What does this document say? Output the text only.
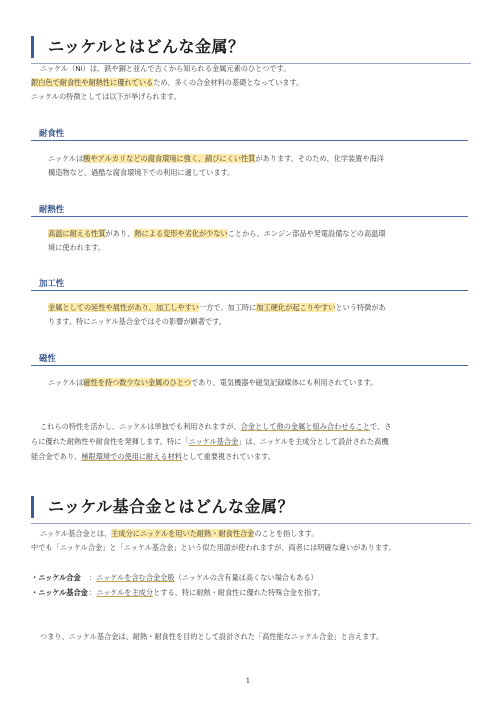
ニッケルとはどんな金属？
ニッケル（Ni）は、鉄や銅と並んで古くから知られる金属元素のひとつです。
銀白色で耐食性や耐熱性に優れているため、多くの合金材料の基礎となっています。
ニッケルの特徴としては以下が挙げられます。
耐食性
ニッケルは酸やアルカリなどの腐食環境に強く、錆びにくい性質があります。そのため、化学装置や海洋
構造物など、過酷な腐食環境下での利用に適しています。
耐熱性
高温に耐える性質があり、熱による変形や劣化が少ないことから、エンジン部品や発電設備などの高温環
境に使われます。
加工性
金属としての延性や展性があり、加工しやすい一方で、加工時に加工硬化が起こりやすいという特徴があ
ります。特にニッケル基合金ではその影響が顕著です。
磁性
ニッケルは磁性を持つ数少ない金属のひとつであり、電気機器や磁気記録媒体にも利用されています。
これらの特性を活かし、ニッケルは単独でも利用されますが、合金として他の金属と組み合わせることで、さ
らに優れた耐熱性や耐食性を発揮します。特に「ニッケル基合金」は、ニッケルを主成分として設計された高機
能合金であり、極限環境での使用に耐える材料として重要視されています。
ニッケル基合金とはどんな金属？
ニッケル基合金とは、主成分にニッケルを用いた耐熱・耐食性合金のことを指します。
中でも「ニッケル合金」と「ニッケル基合金」という似た用語が使われますが、両者には明確な違いがあります。
・ニッケル合金 ：ニッケルを含む合金全般（ニッケルの含有量は高くない場合もある）
・ニッケル基合金：ニッケルを主成分とする、特に耐熱・耐食性に優れた特殊合金を指す。
つまり、ニッケル基合金は、耐熱・耐食性を目的として設計された「高性能なニッケル合金」と言えます。
1
